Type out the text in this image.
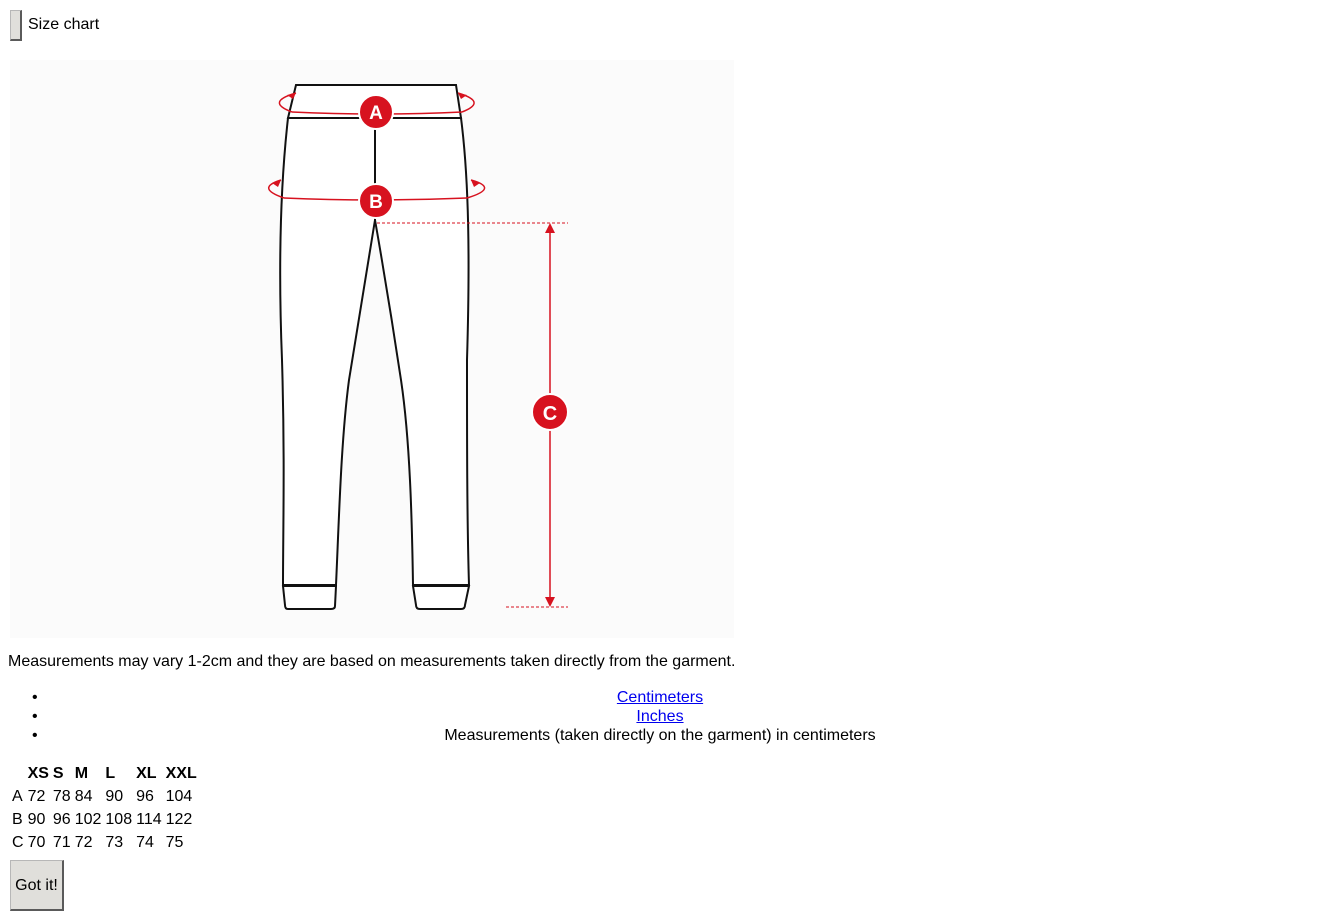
Size chart
A
B
C
Measurements may vary 1-2cm and they are based on measurements taken directly from the garment.
•	Centimeters
•	Inches
•	Measurements (taken directly on the garment) in centimeters
	XS	S	M	L	XL	XXL
A	72	78	84	90	96	104
B	90	96	102	108	114	122
C	70	71	72	73	74	75
Got it!
